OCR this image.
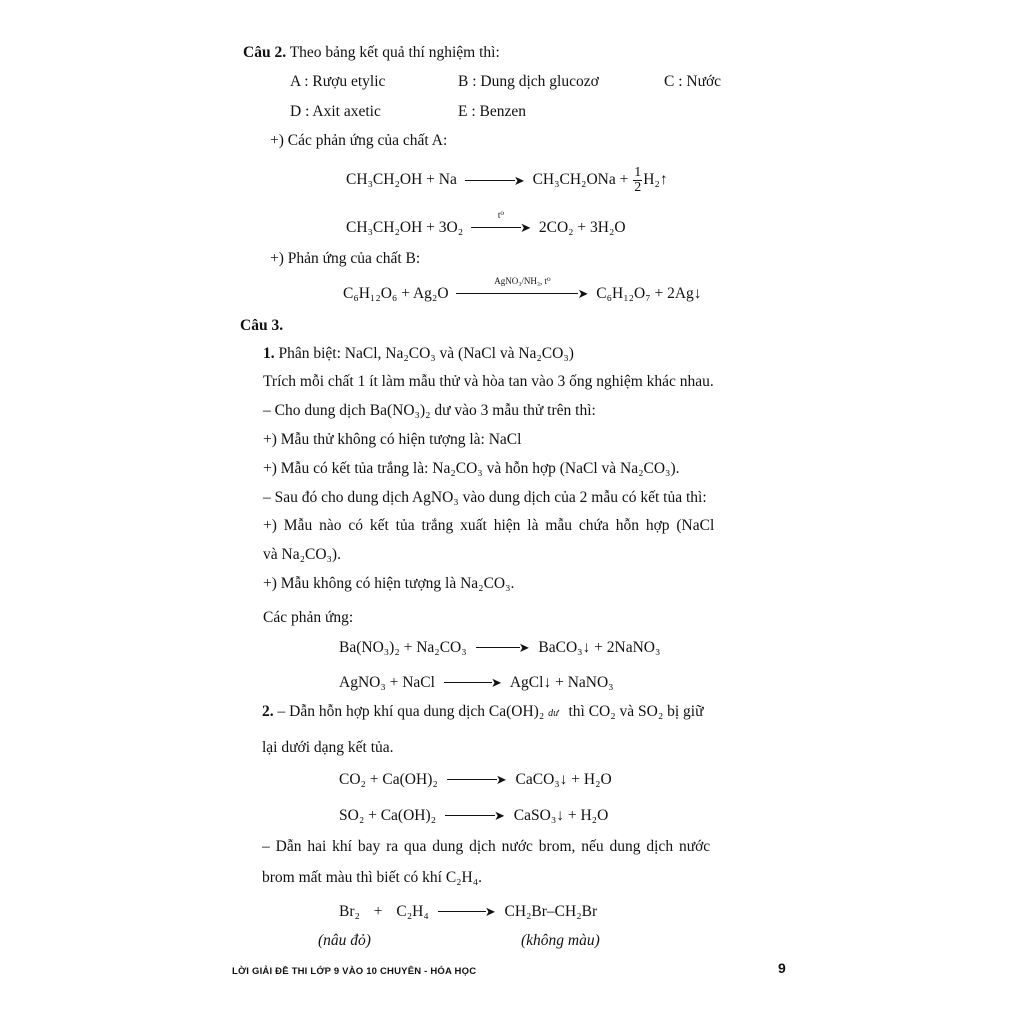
Câu 2. Theo bảng kết quả thí nghiệm thì:
A : Rượu etylic	B : Dung dịch glucozơ	C : Nước
D : Axit axetic	E : Benzen
+) Các phản ứng của chất A:
CH₃CH₂OH + Na	➤ $CH_3CH_2ONa + \frac{1}{2}$ H₂↑
CH₃CH₂OH + 3O₂
t⁰
➤ 2CO₂ + 3H₂O
+) Phản ứng của chất B:
C₆H₁₂O₆ + Ag₂O
AgNO₃/NH₃, t⁰
➤ C₆H₁₂O₇ + 2Ag↓
Câu 3.
1. Phân biệt: NaCl, Na₂CO₃ và (NaCl và Na₂CO₃)
Trích mỗi chất 1 ít làm mẫu thử và hòa tan vào 3 ống nghiệm khác nhau.
– Cho dung dịch Ba(NO₃)₂ dư vào 3 mẫu thử trên thì:
+) Mẫu thử không có hiện tượng là: NaCl
+) Mẫu có kết tủa trắng là: Na₂CO₃ và hỗn hợp (NaCl và Na₂CO₃).
– Sau đó cho dung dịch AgNO₃ vào dung dịch của 2 mẫu có kết tủa thì:
+) Mẫu nào có kết tủa trắng xuất hiện là mẫu chứa hỗn hợp (NaCl
và Na₂CO₃).
+) Mẫu không có hiện tượng là Na₂CO₃.
Các phản ứng:
Ba(NO₃)₂ + Na₂CO₃	➤ BaCO₃↓ + 2NaNO₃
AgNO₃ + NaCl	➤ AgCl↓ + NaNO₃
2. – Dẫn hỗn hợp khí qua dung dịch Ca(OH)₂ dư thì CO₂ và SO₂ bị giữ
lại dưới dạng kết tủa.
CO₂ + Ca(OH)₂	➤ CaCO₃↓ + H₂O
SO₂ + Ca(OH)₂	➤ CaSO₃↓ + H₂O
– Dẫn hai khí bay ra qua dung dịch nước brom, nếu dung dịch nước
brom mất màu thì biết có khí C₂H₄.
Br₂ + C₂H₄	➤ CH₂Br–CH₂Br
(nâu đỏ)	(không màu)
LỜI GIẢI ĐỀ THI LỚP 9 VÀO 10 CHUYÊN - HÓA HỌC	9
